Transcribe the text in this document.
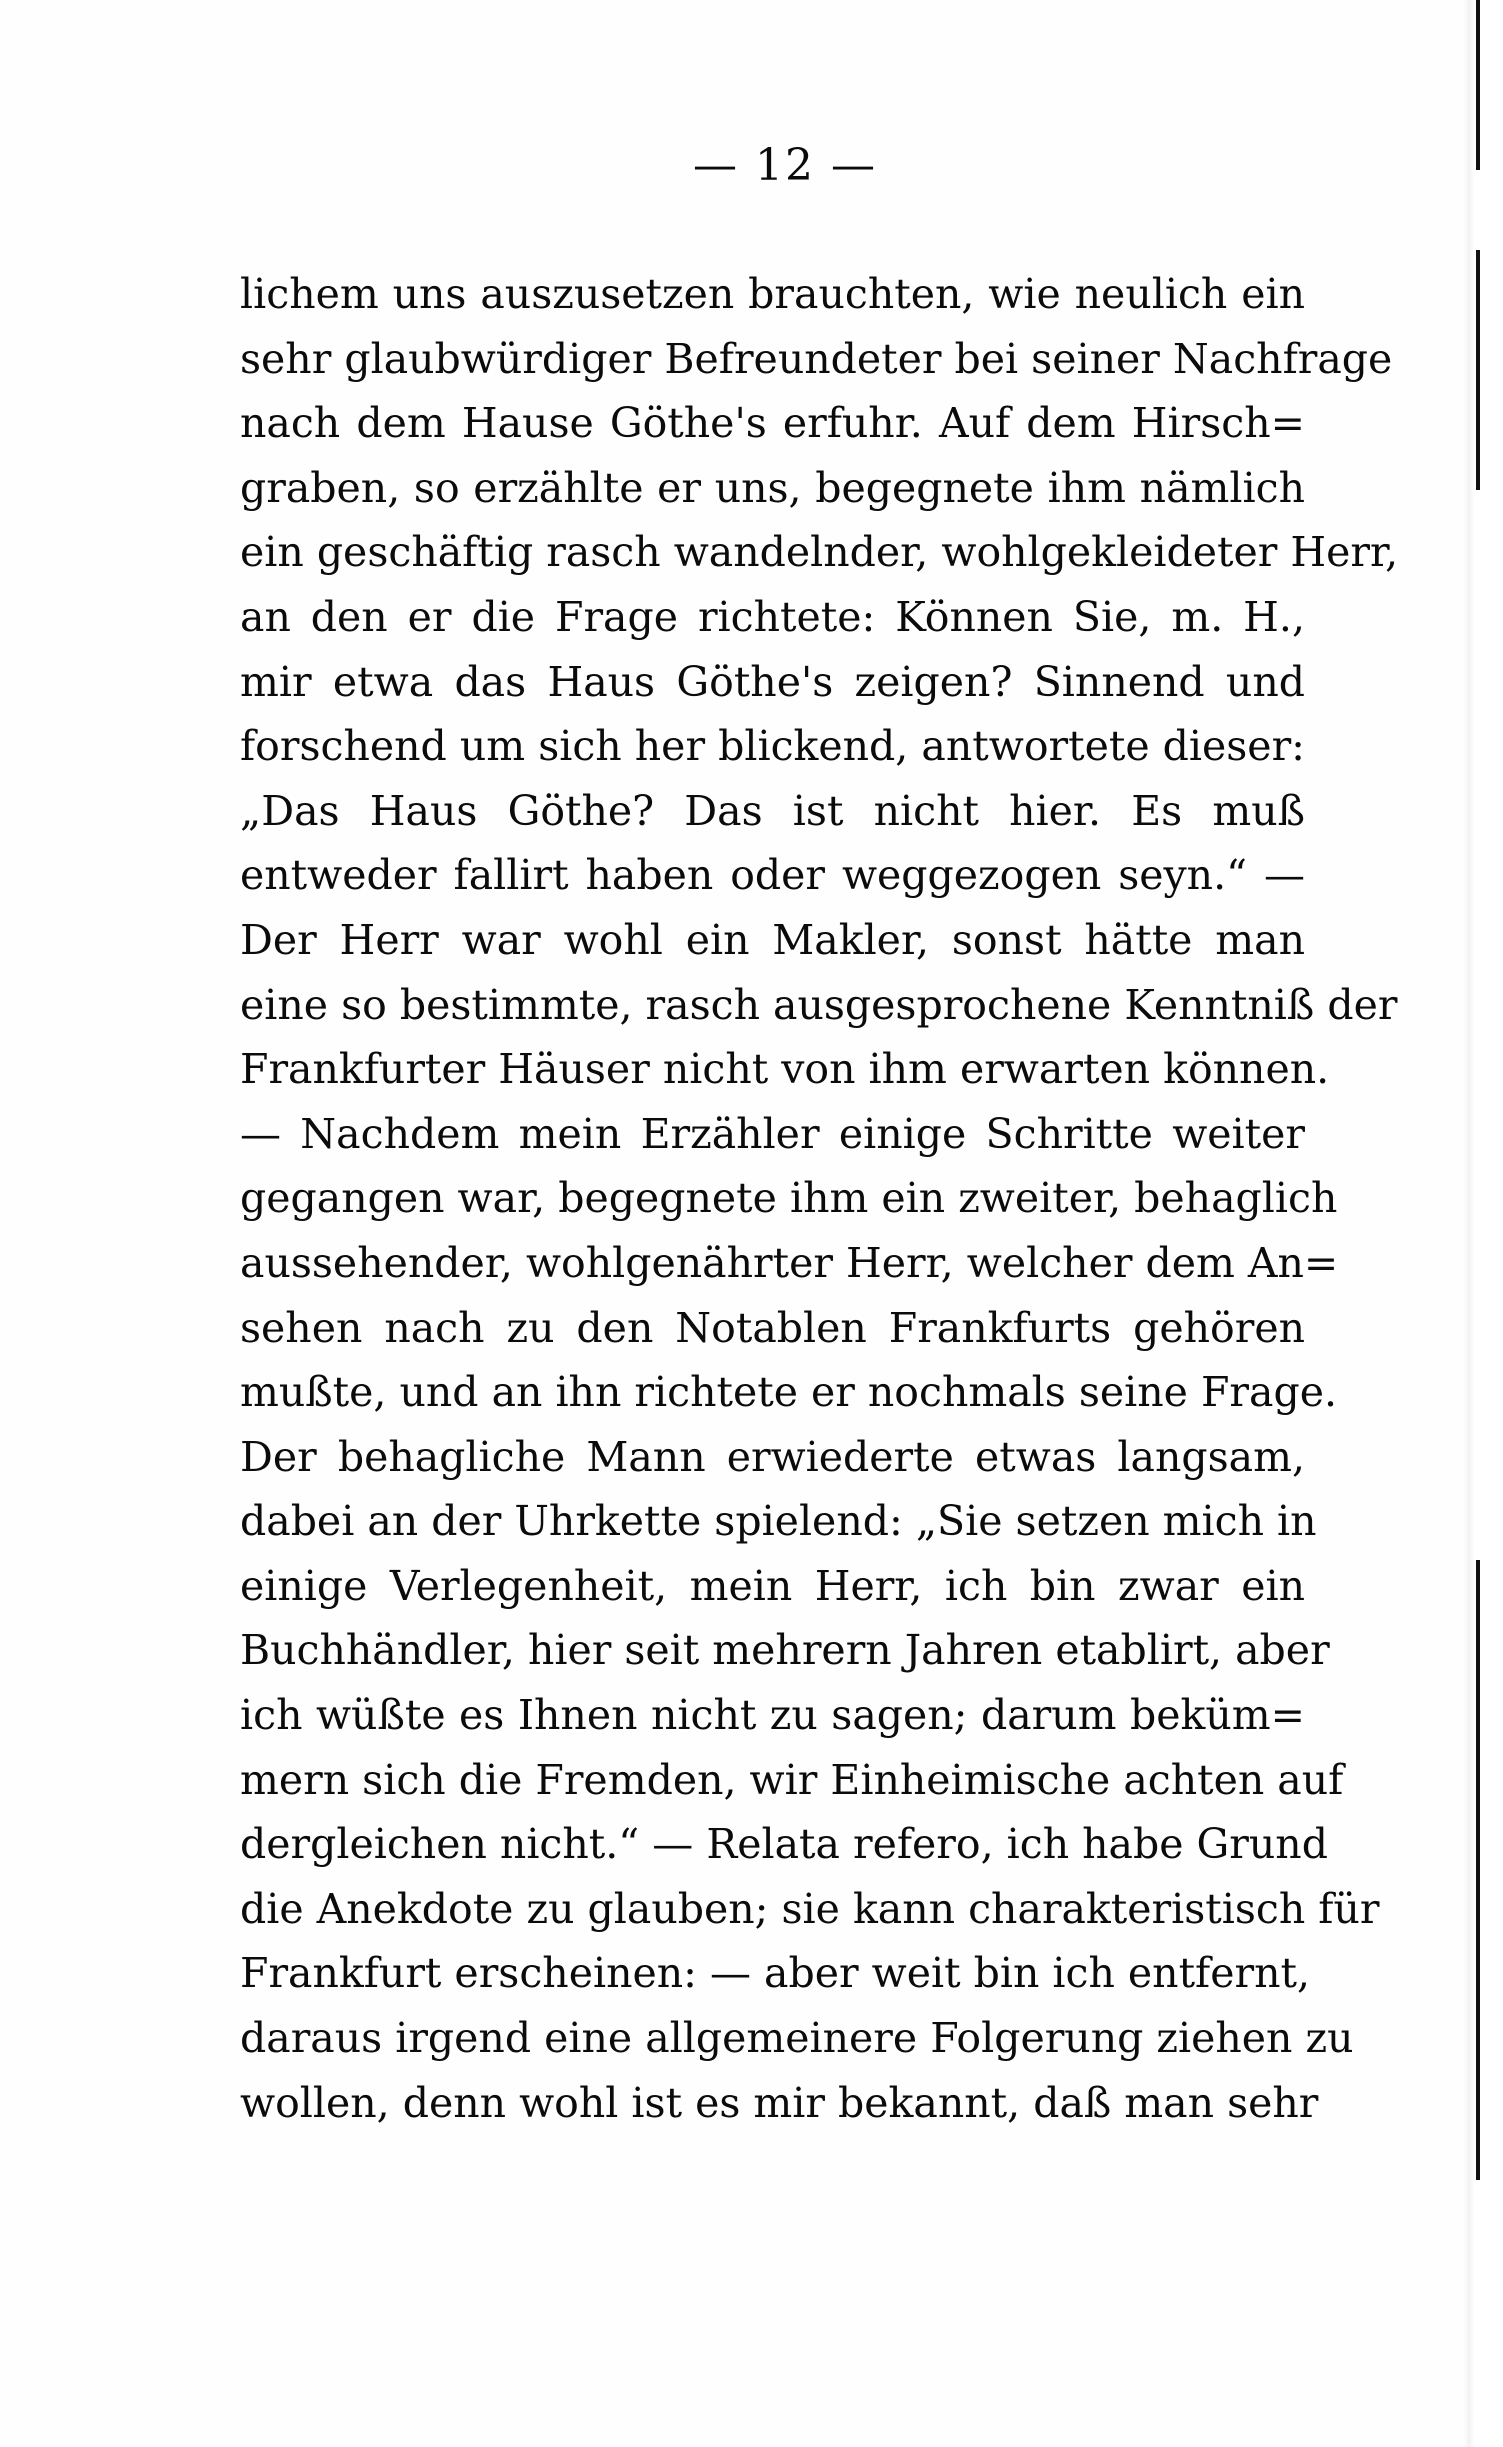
— 12 —
lichem uns auszusetzen brauchten, wie neulich ein
sehr glaubwürdiger Befreundeter bei seiner Nachfrage
nach dem Hause Göthe's erfuhr. Auf dem Hirsch=
graben, so erzählte er uns, begegnete ihm nämlich
ein geschäftig rasch wandelnder, wohlgekleideter Herr,
an den er die Frage richtete: Können Sie, m. H.,
mir etwa das Haus Göthe's zeigen? Sinnend und
forschend um sich her blickend, antwortete dieser:
„Das Haus Göthe? Das ist nicht hier. Es muß
entweder fallirt haben oder weggezogen seyn.“ —
Der Herr war wohl ein Makler, sonst hätte man
eine so bestimmte, rasch ausgesprochene Kenntniß der
Frankfurter Häuser nicht von ihm erwarten können.
— Nachdem mein Erzähler einige Schritte weiter
gegangen war, begegnete ihm ein zweiter, behaglich
aussehender, wohlgenährter Herr, welcher dem An=
sehen nach zu den Notablen Frankfurts gehören
mußte, und an ihn richtete er nochmals seine Frage.
Der behagliche Mann erwiederte etwas langsam,
dabei an der Uhrkette spielend: „Sie setzen mich in
einige Verlegenheit, mein Herr, ich bin zwar ein
Buchhändler, hier seit mehrern Jahren etablirt, aber
ich wüßte es Ihnen nicht zu sagen; darum beküm=
mern sich die Fremden, wir Einheimische achten auf
dergleichen nicht.“ — Relata refero, ich habe Grund
die Anekdote zu glauben; sie kann charakteristisch für
Frankfurt erscheinen: — aber weit bin ich entfernt,
daraus irgend eine allgemeinere Folgerung ziehen zu
wollen, denn wohl ist es mir bekannt, daß man sehr
